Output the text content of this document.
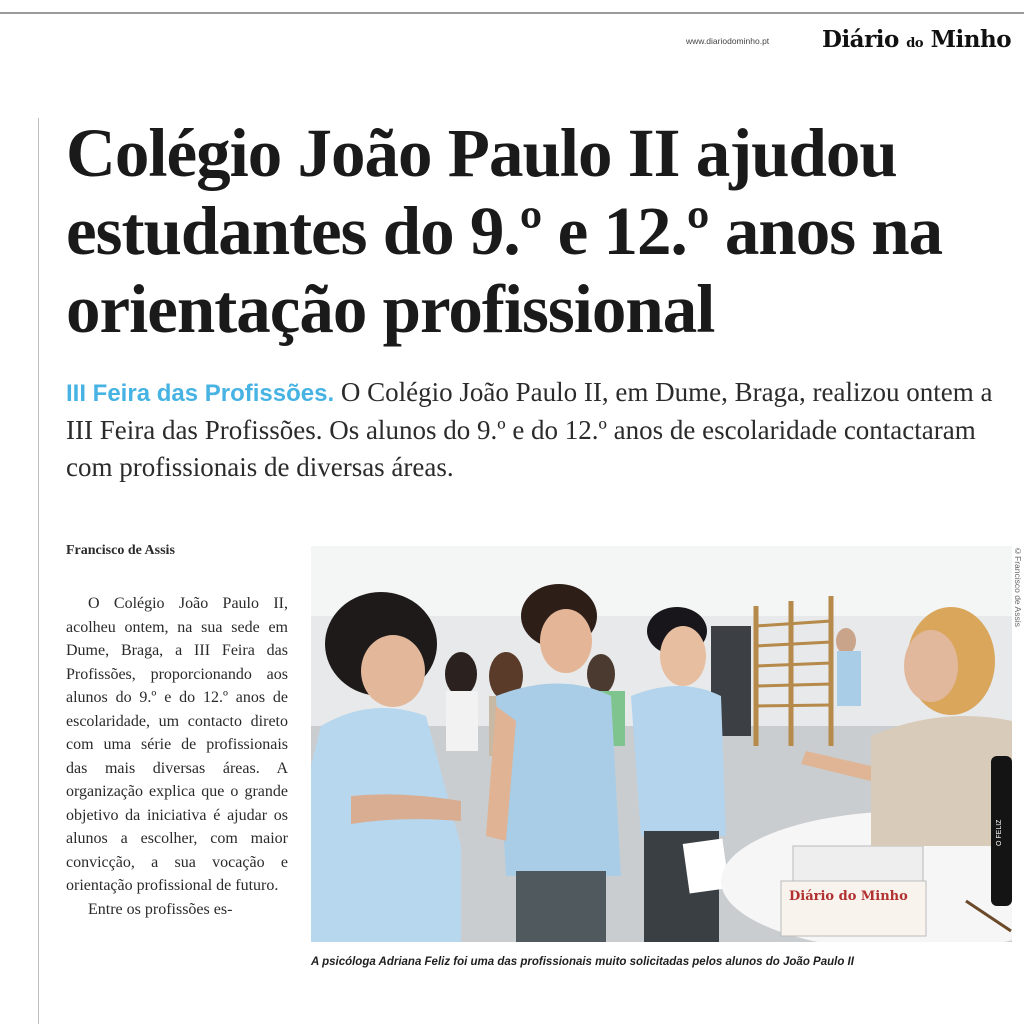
www.diariodominho.pt Diário do Minho
Colégio João Paulo II ajudou estudantes do 9.º e 12.º anos na orientação profissional

III Feira das Profissões. O Colégio João Paulo II, em Dume, Braga, realizou ontem a III Feira das Profissões. Os alunos do 9.º e do 12.º anos de escolaridade contactaram com profissionais de diversas áreas.

Francisco de Assis

O Colégio João Paulo II, acolheu ontem, na sua sede em Dume, Braga, a III Feira das Profissões, proporcionando aos alunos do 9.º e do 12.º anos de escolaridade, um contacto direto com uma série de profissionais das mais diversas áreas. A organização explica que o grande objetivo da iniciativa é ajudar os alunos a escolher, com maior convicção, a sua vocação e orientação profissional de futuro.

Entre os profissões es-

Diário do Minho
O FELIZ
©Francisco de Assis
A psicóloga Adriana Feliz foi uma das profissionais muito solicitadas pelos alunos do João Paulo II
